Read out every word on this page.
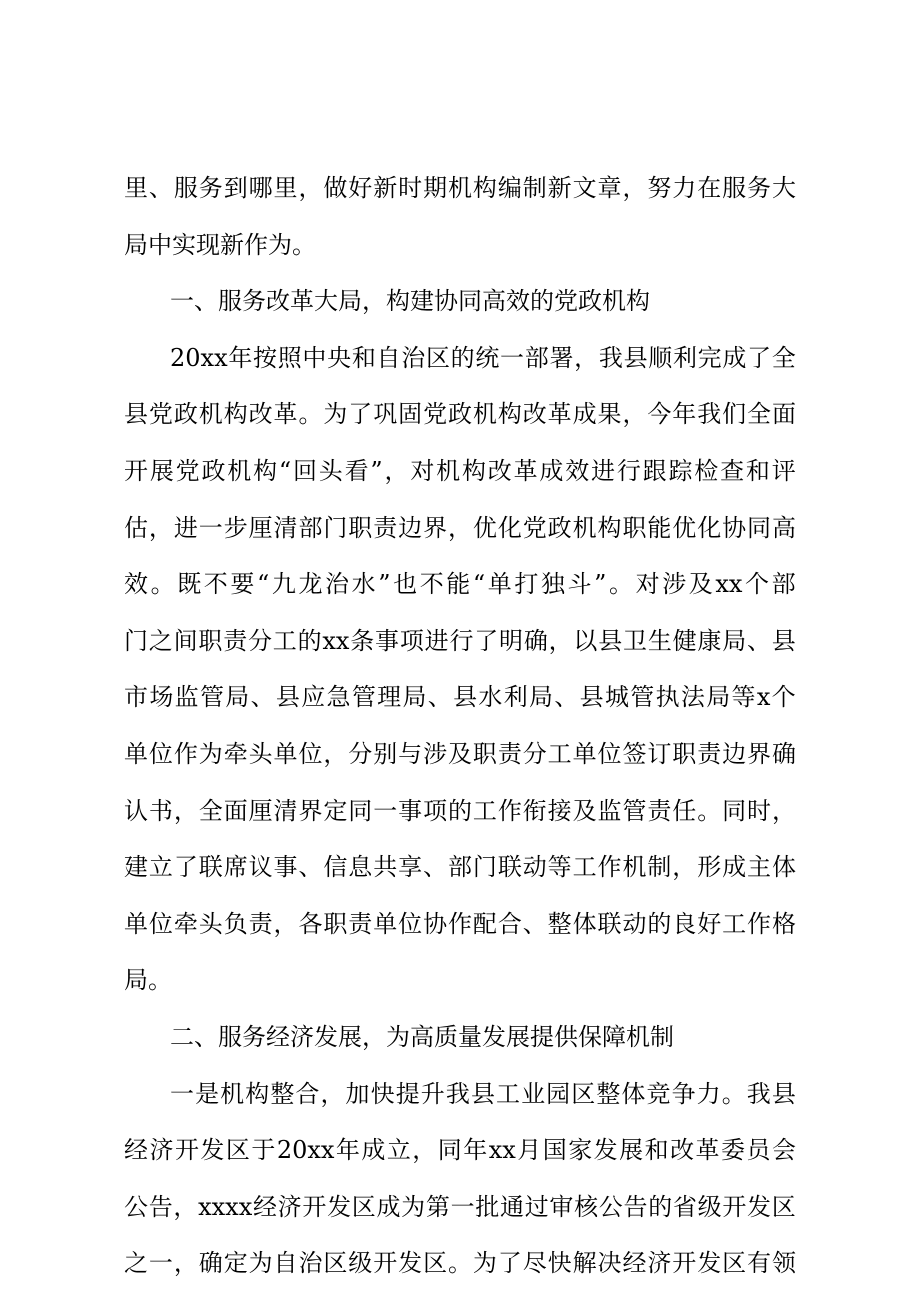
里 、 服 务 到 哪 里 ， 做 好 新 时 期 机 构 编 制 新 文 章 ， 努 力 在 服 务 大
局 中 实 现 新 作 为 。
一 、 服 务 改 革 大 局 ， 构 建 协 同 高 效 的 党 政 机 构
20xx 年 按 照 中 央 和 自 治 区 的 统 一 部 署 ， 我 县 顺 利 完 成 了 全
县 党 政 机 构 改 革 。 为 了 巩 固 党 政 机 构 改 革 成 果 ， 今 年 我 们 全 面
开 展 党 政 机 构 “ 回 头 看 ” ， 对 机 构 改 革 成 效 进 行 跟 踪 检 查 和 评
估 ， 进 一 步 厘 清 部 门 职 责 边 界 ， 优 化 党 政 机 构 职 能 优 化 协 同 高
效 。 既 不 要 “ 九 龙 治 水 ” 也 不 能 “ 单 打 独 斗 ” 。 对 涉 及 xx 个 部
门 之 间 职 责 分 工 的 xx 条 事 项 进 行 了 明 确 ， 以 县 卫 生 健 康 局 、 县
市 场 监 管 局 、 县 应 急 管 理 局 、 县 水 利 局 、 县 城 管 执 法 局 等 x 个
单 位 作 为 牵 头 单 位 ， 分 别 与 涉 及 职 责 分 工 单 位 签 订 职 责 边 界 确
认 书 ， 全 面 厘 清 界 定 同 一 事 项 的 工 作 衔 接 及 监 管 责 任 。 同 时 ，
建 立 了 联 席 议 事 、 信 息 共 享 、 部 门 联 动 等 工 作 机 制 ， 形 成 主 体
单 位 牵 头 负 责 ， 各 职 责 单 位 协 作 配 合 、 整 体 联 动 的 良 好 工 作 格
局 。
二 、 服 务 经 济 发 展 ， 为 高 质 量 发 展 提 供 保 障 机 制
一 是 机 构 整 合 ， 加 快 提 升 我 县 工 业 园 区 整 体 竞 争 力 。 我 县
经 济 开 发 区 于 20xx 年 成 立 ， 同 年 xx 月 国 家 发 展 和 改 革 委 员 会
公 告 ， xxxx 经 济 开 发 区 成 为 第 一 批 通 过 审 核 公 告 的 省 级 开 发 区
之 一 ， 确 定 为 自 治 区 级 开 发 区 。 为 了 尽 快 解 决 经 济 开 发 区 有 领
